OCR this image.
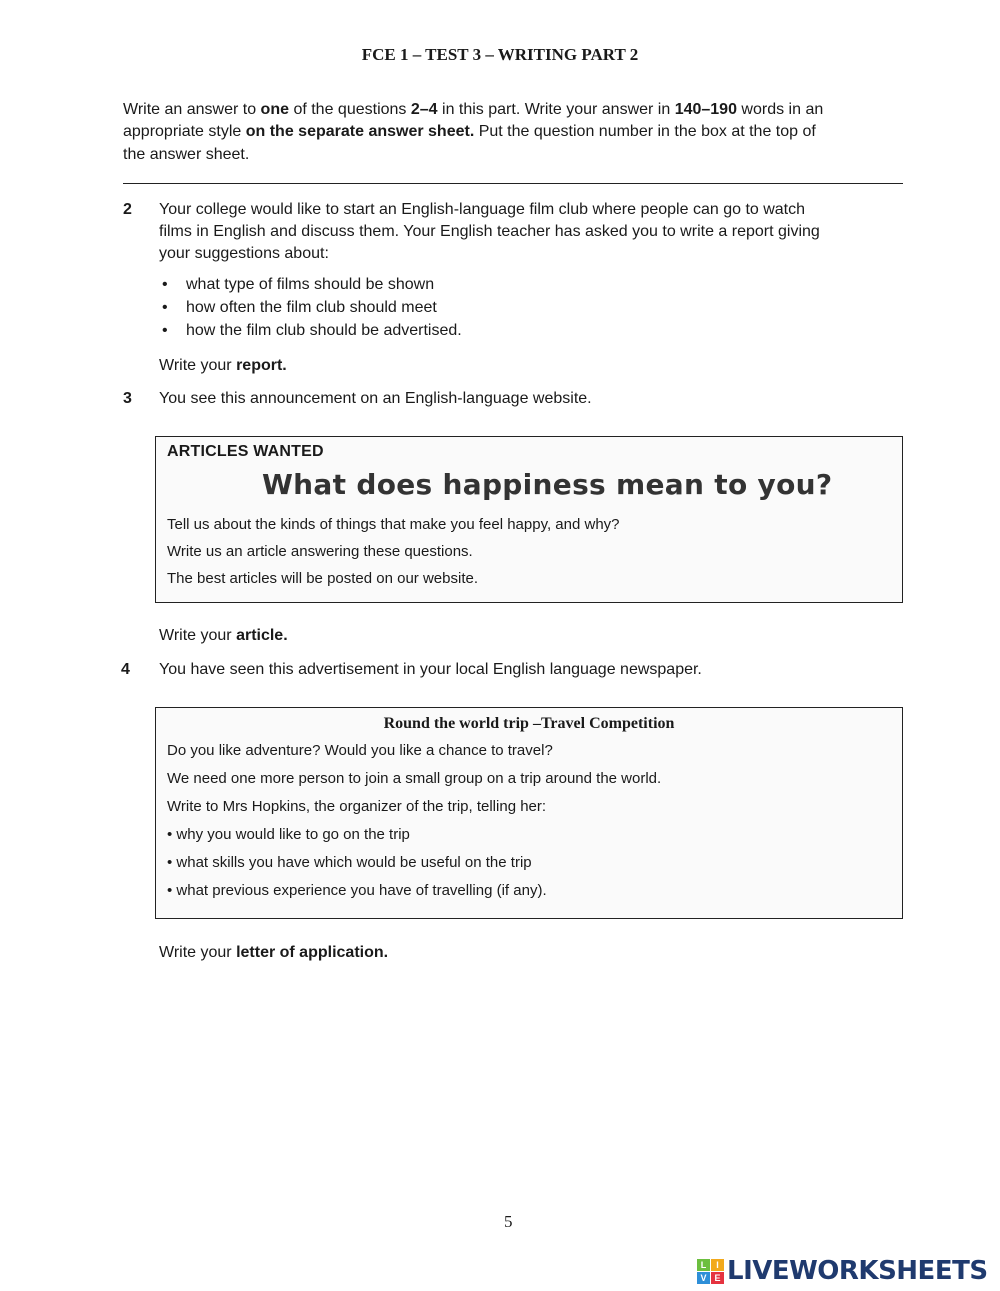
FCE 1 – TEST 3 – WRITING PART 2
Write an answer to one of the questions 2–4 in this part. Write your answer in 140–190 words in an
appropriate style on the separate answer sheet. Put the question number in the box at the top of
the answer sheet.
2 Your college would like to start an English-language film club where people can go to watch
films in English and discuss them. Your English teacher has asked you to write a report giving
your suggestions about:
• what type of films should be shown
• how often the film club should meet
• how the film club should be advertised.
Write your report.
3 You see this announcement on an English-language website.
ARTICLES WANTED
What does happiness mean to you?
Tell us about the kinds of things that make you feel happy, and why?
Write us an article answering these questions.
The best articles will be posted on our website.
Write your article.
4 You have seen this advertisement in your local English language newspaper.
Round the world trip –Travel Competition
Do you like adventure? Would you like a chance to travel?
We need one more person to join a small group on a trip around the world.
Write to Mrs Hopkins, the organizer of the trip, telling her:
• why you would like to go on the trip
• what skills you have which would be useful on the trip
• what previous experience you have of travelling (if any).
Write your letter of application.
5
L	I
V E LIVEWORKSHEETS
